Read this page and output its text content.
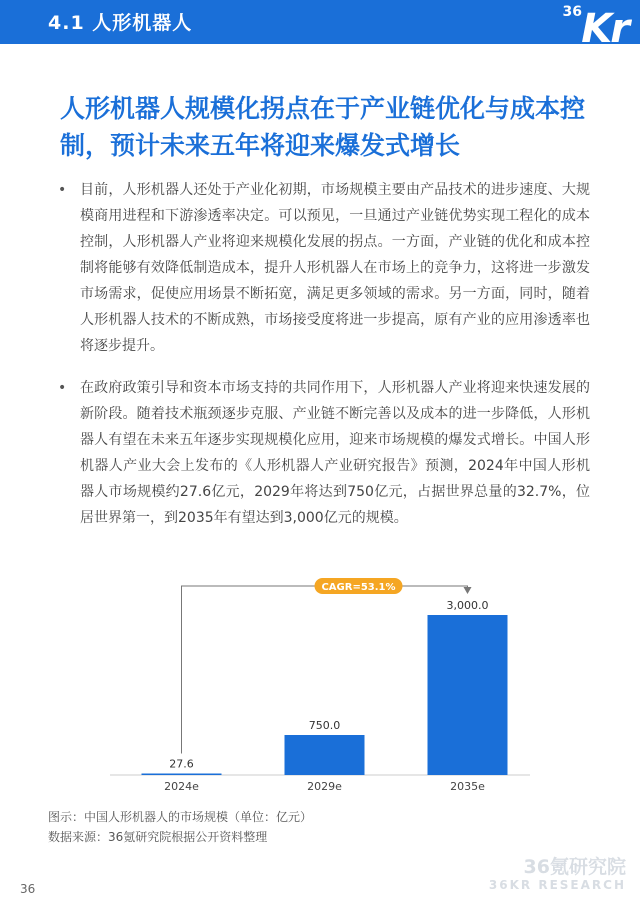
4.1 人形机器人	36 Kr
人形机器人规模化拐点在于产业链优化与成本控制，预计未来五年将迎来爆发式增长
• 目前，人形机器人还处于产业化初期，市场规模主要由产品技术的进步速度、大规模商用进程和下游渗透率决定。可以预见，一旦通过产业链优势实现工程化的成本控制，人形机器人产业将迎来规模化发展的拐点。一方面，产业链的优化和成本控制将能够有效降低制造成本，提升人形机器人在市场上的竞争力，这将进一步激发市场需求，促使应用场景不断拓宽，满足更多领域的需求。另一方面，同时，随着人形机器人技术的不断成熟，市场接受度将进一步提高，原有产业的应用渗透率也将逐步提升。
• 在政府政策引导和资本市场支持的共同作用下，人形机器人产业将迎来快速发展的新阶段。随着技术瓶颈逐步克服、产业链不断完善以及成本的进一步降低，人形机器人有望在未来五年逐步实现规模化应用，迎来市场规模的爆发式增长。中国人形机器人产业大会上发布的《人形机器人产业研究报告》预测，2024年中国人形机器人市场规模约27.6亿元，2029年将达到750亿元，占据世界总量的32.7%，位居世界第一，到2035年有望达到3,000亿元的规模。
27.6
2024e
750.0
2029e
3,000.0
2035e
CAGR=53.1%
图示：中国人形机器人的市场规模（单位：亿元）
数据来源：36氪研究院根据公开资料整理
36氪研究院
36KR RESEARCH
36
